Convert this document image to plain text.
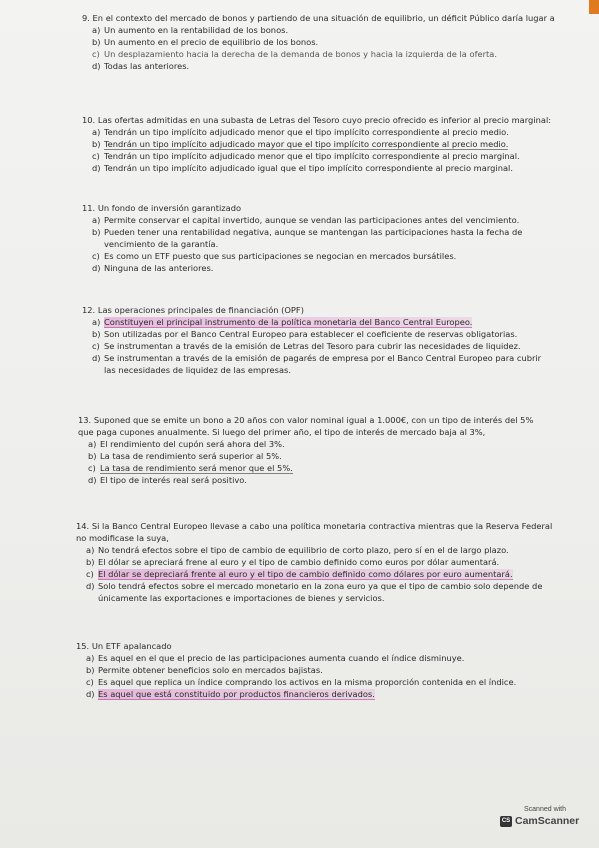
9. En el contexto del mercado de bonos y partiendo de una situación de equilibrio, un déficit Público daría lugar a
a) Un aumento en la rentabilidad de los bonos.
b) Un aumento en el precio de equilibrio de los bonos.
c) Un desplazamiento hacia la derecha de la demanda de bonos y hacia la izquierda de la oferta.
d) Todas las anteriores.
10. Las ofertas admitidas en una subasta de Letras del Tesoro cuyo precio ofrecido es inferior al precio marginal:
a) Tendrán un tipo implícito adjudicado menor que el tipo implícito correspondiente al precio medio.
b) Tendrán un tipo implícito adjudicado mayor que el tipo implícito correspondiente al precio medio.
c) Tendrán un tipo implícito adjudicado menor que el tipo implícito correspondiente al precio marginal.
d) Tendrán un tipo implícito adjudicado igual que el tipo implícito correspondiente al precio marginal.
11. Un fondo de inversión garantizado
a) Permite conservar el capital invertido, aunque se vendan las participaciones antes del vencimiento.
b) Pueden tener una rentabilidad negativa, aunque se mantengan las participaciones hasta la fecha de
vencimiento de la garantía.
c) Es como un ETF puesto que sus participaciones se negocian en mercados bursátiles.
d) Ninguna de las anteriores.
12. Las operaciones principales de financiación (OPF)
a) Constituyen el principal instrumento de la política monetaria del Banco Central Europeo.
b) Son utilizadas por el Banco Central Europeo para establecer el coeficiente de reservas obligatorias.
c) Se instrumentan a través de la emisión de Letras del Tesoro para cubrir las necesidades de liquidez.
d) Se instrumentan a través de la emisión de pagarés de empresa por el Banco Central Europeo para cubrir
las necesidades de liquidez de las empresas.
13. Suponed que se emite un bono a 20 años con valor nominal igual a 1.000€, con un tipo de interés del 5%
que paga cupones anualmente. Si luego del primer año, el tipo de interés de mercado baja al 3%,
a) El rendimiento del cupón será ahora del 3%.
b) La tasa de rendimiento será superior al 5%.
c) La tasa de rendimiento será menor que el 5%.
d) El tipo de interés real será positivo.
14. Si la Banco Central Europeo llevase a cabo una política monetaria contractiva mientras que la Reserva Federal
no modificase la suya,
a) No tendrá efectos sobre el tipo de cambio de equilibrio de corto plazo, pero sí en el de largo plazo.
b) El dólar se apreciará frene al euro y el tipo de cambio definido como euros por dólar aumentará.
c) El dólar se depreciará frente al euro y el tipo de cambio definido como dólares por euro aumentará.
d) Solo tendrá efectos sobre el mercado monetario en la zona euro ya que el tipo de cambio solo depende de
únicamente las exportaciones e importaciones de bienes y servicios.
15. Un ETF apalancado
a) Es aquel en el que el precio de las participaciones aumenta cuando el índice disminuye.
b) Permite obtener beneficios solo en mercados bajistas.
c) Es aquel que replica un índice comprando los activos en la misma proporción contenida en el índice.
d) Es aquel que está constituido por productos financieros derivados.
Scanned with
CS CamScanner
